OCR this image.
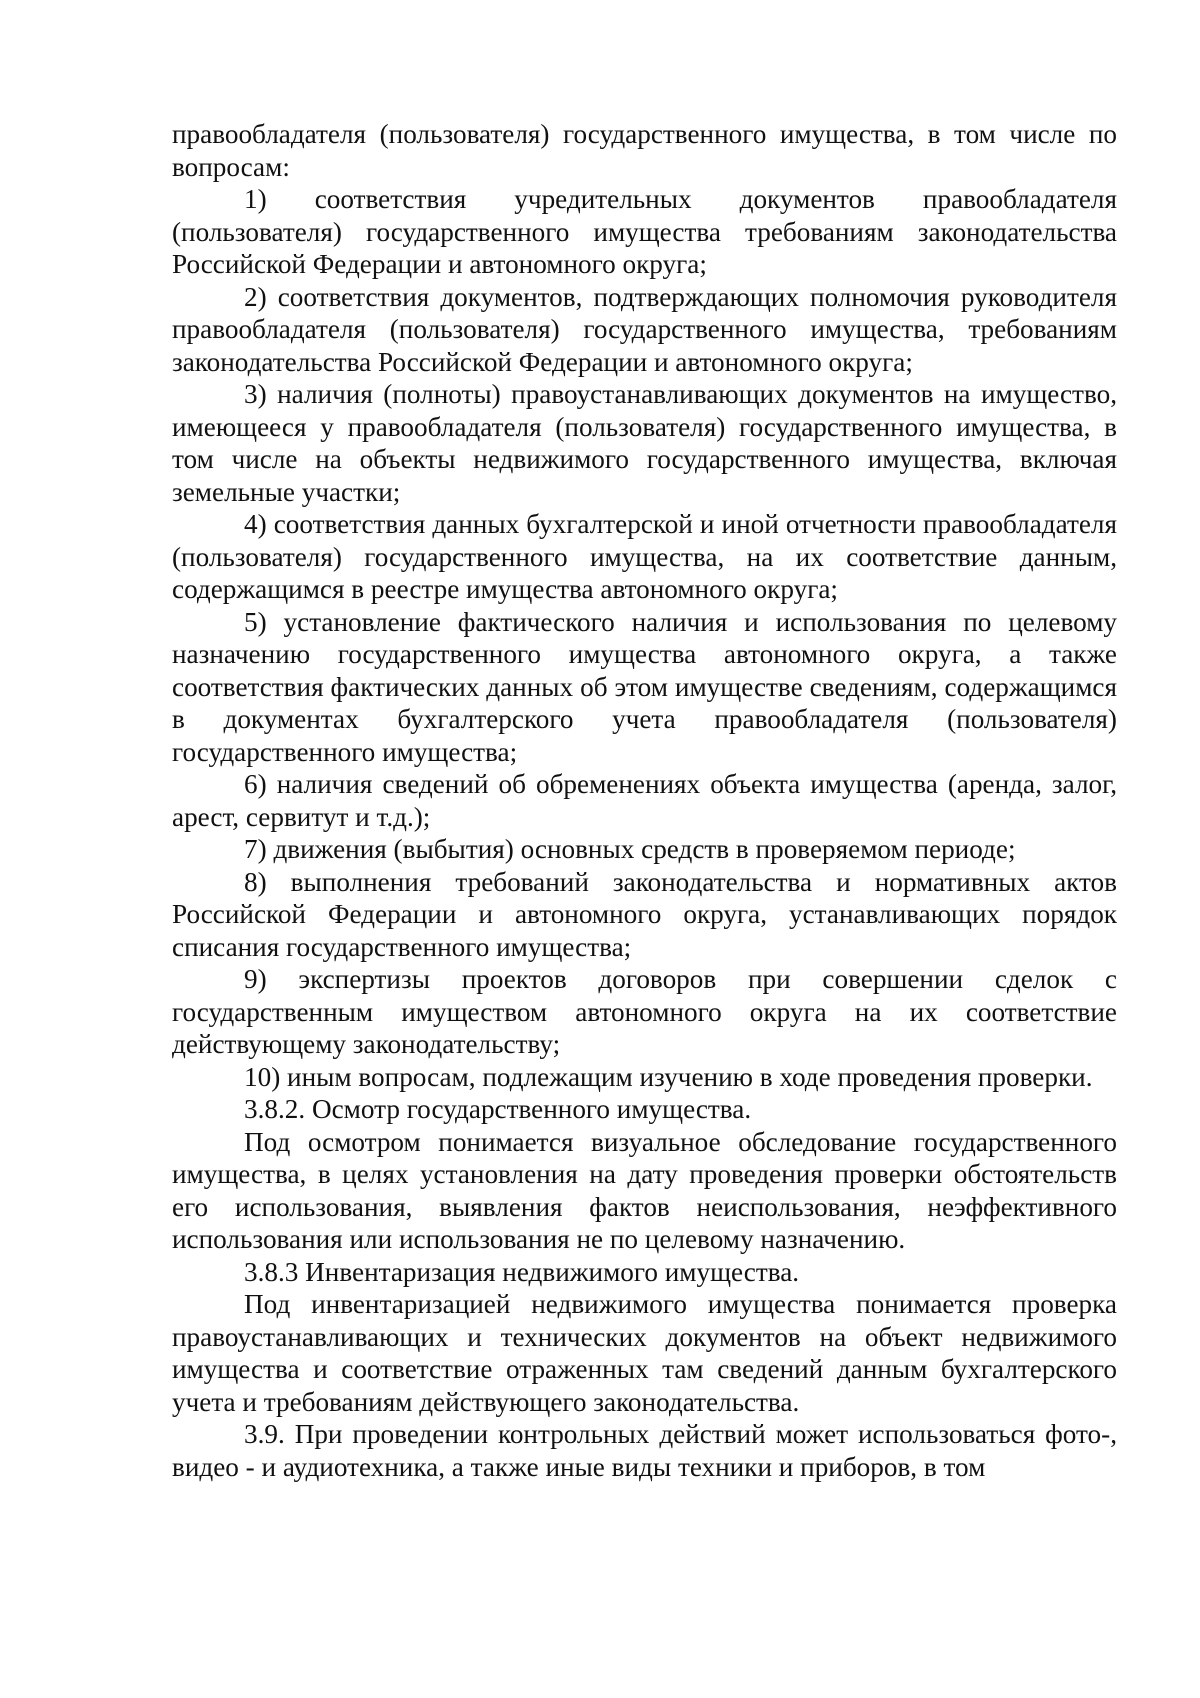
правообладателя (пользователя) государственного имущества, в том числе по вопросам:

1) соответствия учредительных документов правообладателя (пользователя) государственного имущества требованиям законодательства Российской Федерации и автономного округа;

2) соответствия документов, подтверждающих полномочия руководителя правообладателя (пользователя) государственного имущества, требованиям законодательства Российской Федерации и автономного округа;

3) наличия (полноты) правоустанавливающих документов на имущество, имеющееся у правообладателя (пользователя) государственного имущества, в том числе на объекты недвижимого государственного имущества, включая земельные участки;

4) соответствия данных бухгалтерской и иной отчетности правообладателя (пользователя) государственного имущества, на их соответствие данным, содержащимся в реестре имущества автономного округа;

5) установление фактического наличия и использования по целевому назначению государственного имущества автономного округа, а также соответствия фактических данных об этом имуществе сведениям, содержащимся в документах бухгалтерского учета правообладателя (пользователя) государственного имущества;

6) наличия сведений об обременениях объекта имущества (аренда, залог, арест, сервитут и т.д.);

7) движения (выбытия) основных средств в проверяемом периоде;

8) выполнения требований законодательства и нормативных актов Российской Федерации и автономного округа, устанавливающих порядок списания государственного имущества;

9) экспертизы проектов договоров при совершении сделок с государственным имуществом автономного округа на их соответствие действующему законодательству;

10) иным вопросам, подлежащим изучению в ходе проведения проверки.

3.8.2. Осмотр государственного имущества.

Под осмотром понимается визуальное обследование государственного имущества, в целях установления на дату проведения проверки обстоятельств его использования, выявления фактов неиспользования, неэффективного использования или использования не по целевому назначению.

3.8.3 Инвентаризация недвижимого имущества.

Под инвентаризацией недвижимого имущества понимается проверка правоустанавливающих и технических документов на объект недвижимого имущества и соответствие отраженных там сведений данным бухгалтерского учета и требованиям действующего законодательства.

3.9. При проведении контрольных действий может использоваться фото-, видео - и аудиотехника, а также иные виды техники и приборов, в том
